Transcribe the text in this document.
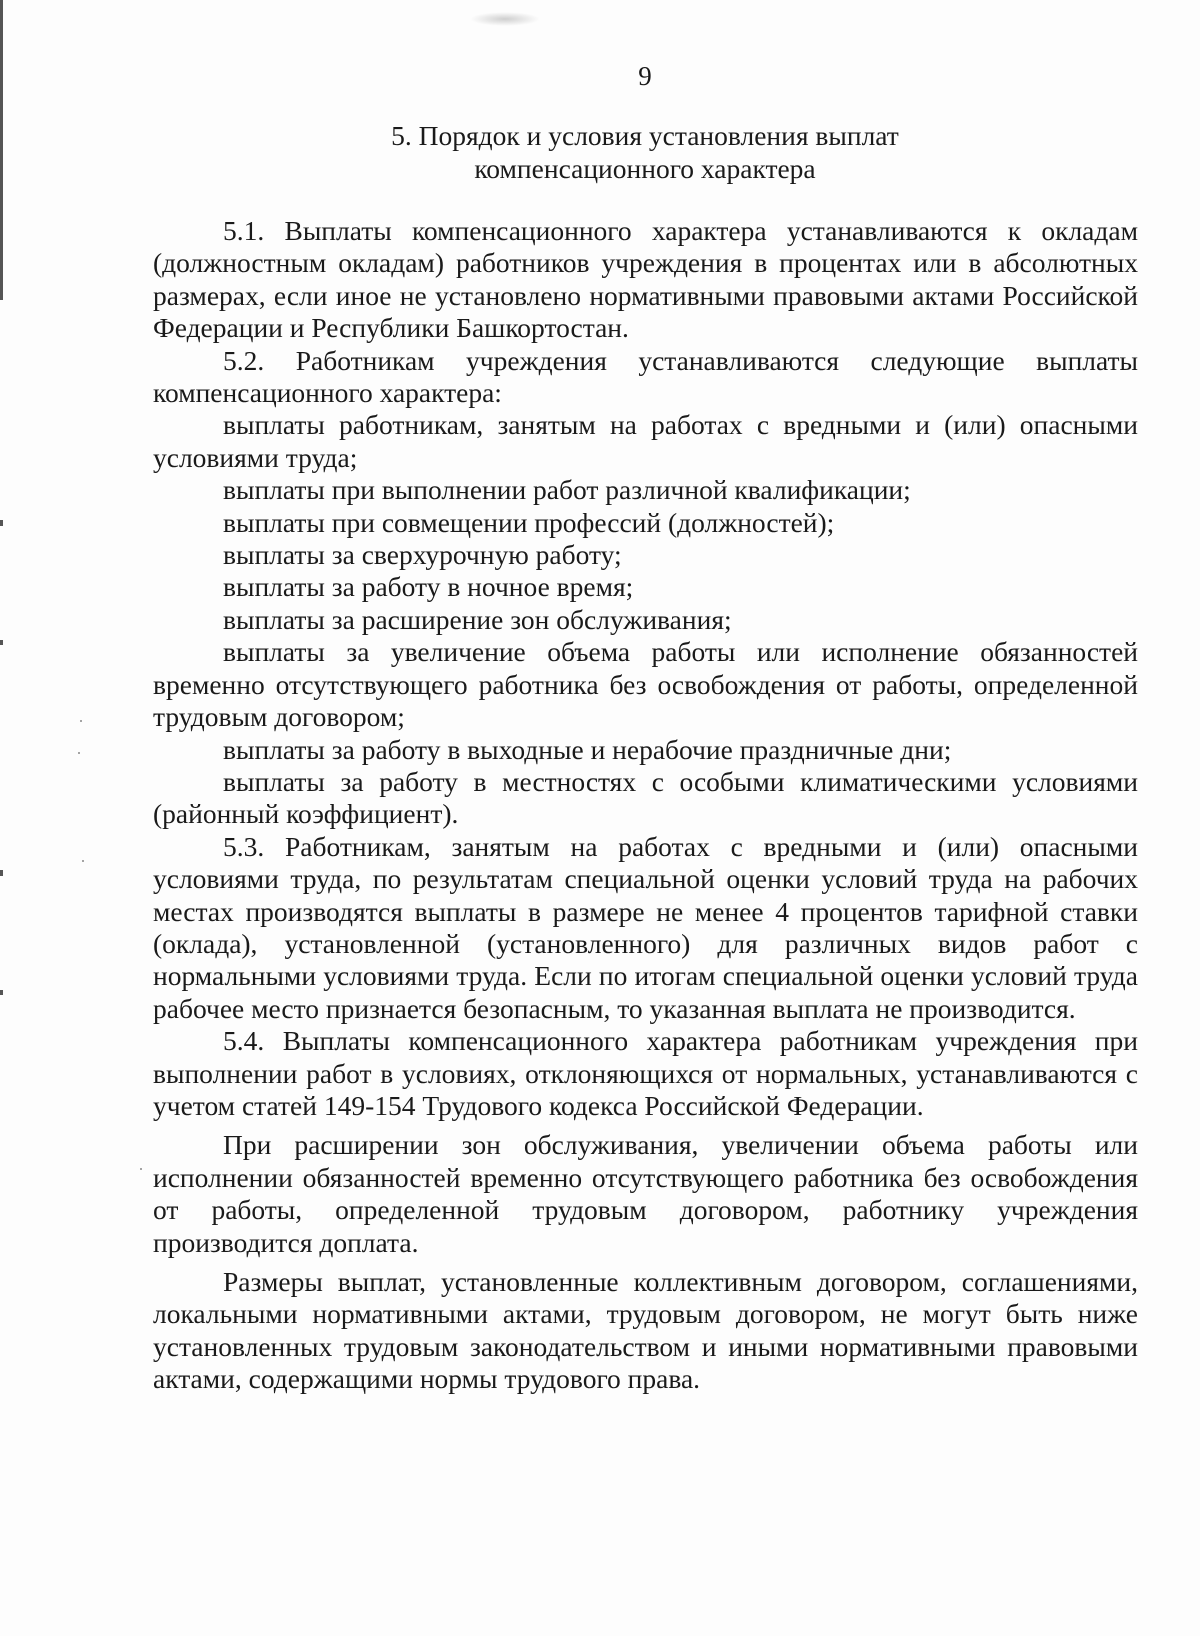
9
5. Порядок и условия установления выплат
компенсационного характера

5.1. Выплаты компенсационного характера устанавливаются к окладам (должностным окладам) работников учреждения в процентах или в абсолютных размерах, если иное не установлено нормативными правовыми актами Российской Федерации и Республики Башкортостан.

5.2. Работникам учреждения устанавливаются следующие выплаты компенсационного характера:

выплаты работникам, занятым на работах с вредными и (или) опасными условиями труда;

выплаты при выполнении работ различной квалификации;

выплаты при совмещении профессий (должностей);

выплаты за сверхурочную работу;

выплаты за работу в ночное время;

выплаты за расширение зон обслуживания;

выплаты за увеличение объема работы или исполнение обязанностей временно отсутствующего работника без освобождения от работы, определенной трудовым договором;

выплаты за работу в выходные и нерабочие праздничные дни;

выплаты за работу в местностях с особыми климатическими условиями (районный коэффициент).

5.3. Работникам, занятым на работах с вредными и (или) опасными условиями труда, по результатам специальной оценки условий труда на рабочих местах производятся выплаты в размере не менее 4 процентов тарифной ставки (оклада), установленной (установленного) для различных видов работ с нормальными условиями труда. Если по итогам специальной оценки условий труда рабочее место признается безопасным, то указанная выплата не производится.

5.4. Выплаты компенсационного характера работникам учреждения при выполнении работ в условиях, отклоняющихся от нормальных, устанавливаются с учетом статей 149-154 Трудового кодекса Российской Федерации.

При расширении зон обслуживания, увеличении объема работы или исполнении обязанностей временно отсутствующего работника без освобождения от работы, определенной трудовым договором, работнику учреждения производится доплата.

Размеры выплат, установленные коллективным договором, соглашениями, локальными нормативными актами, трудовым договором, не могут быть ниже установленных трудовым законодательством и иными нормативными правовыми актами, содержащими нормы трудового права.
